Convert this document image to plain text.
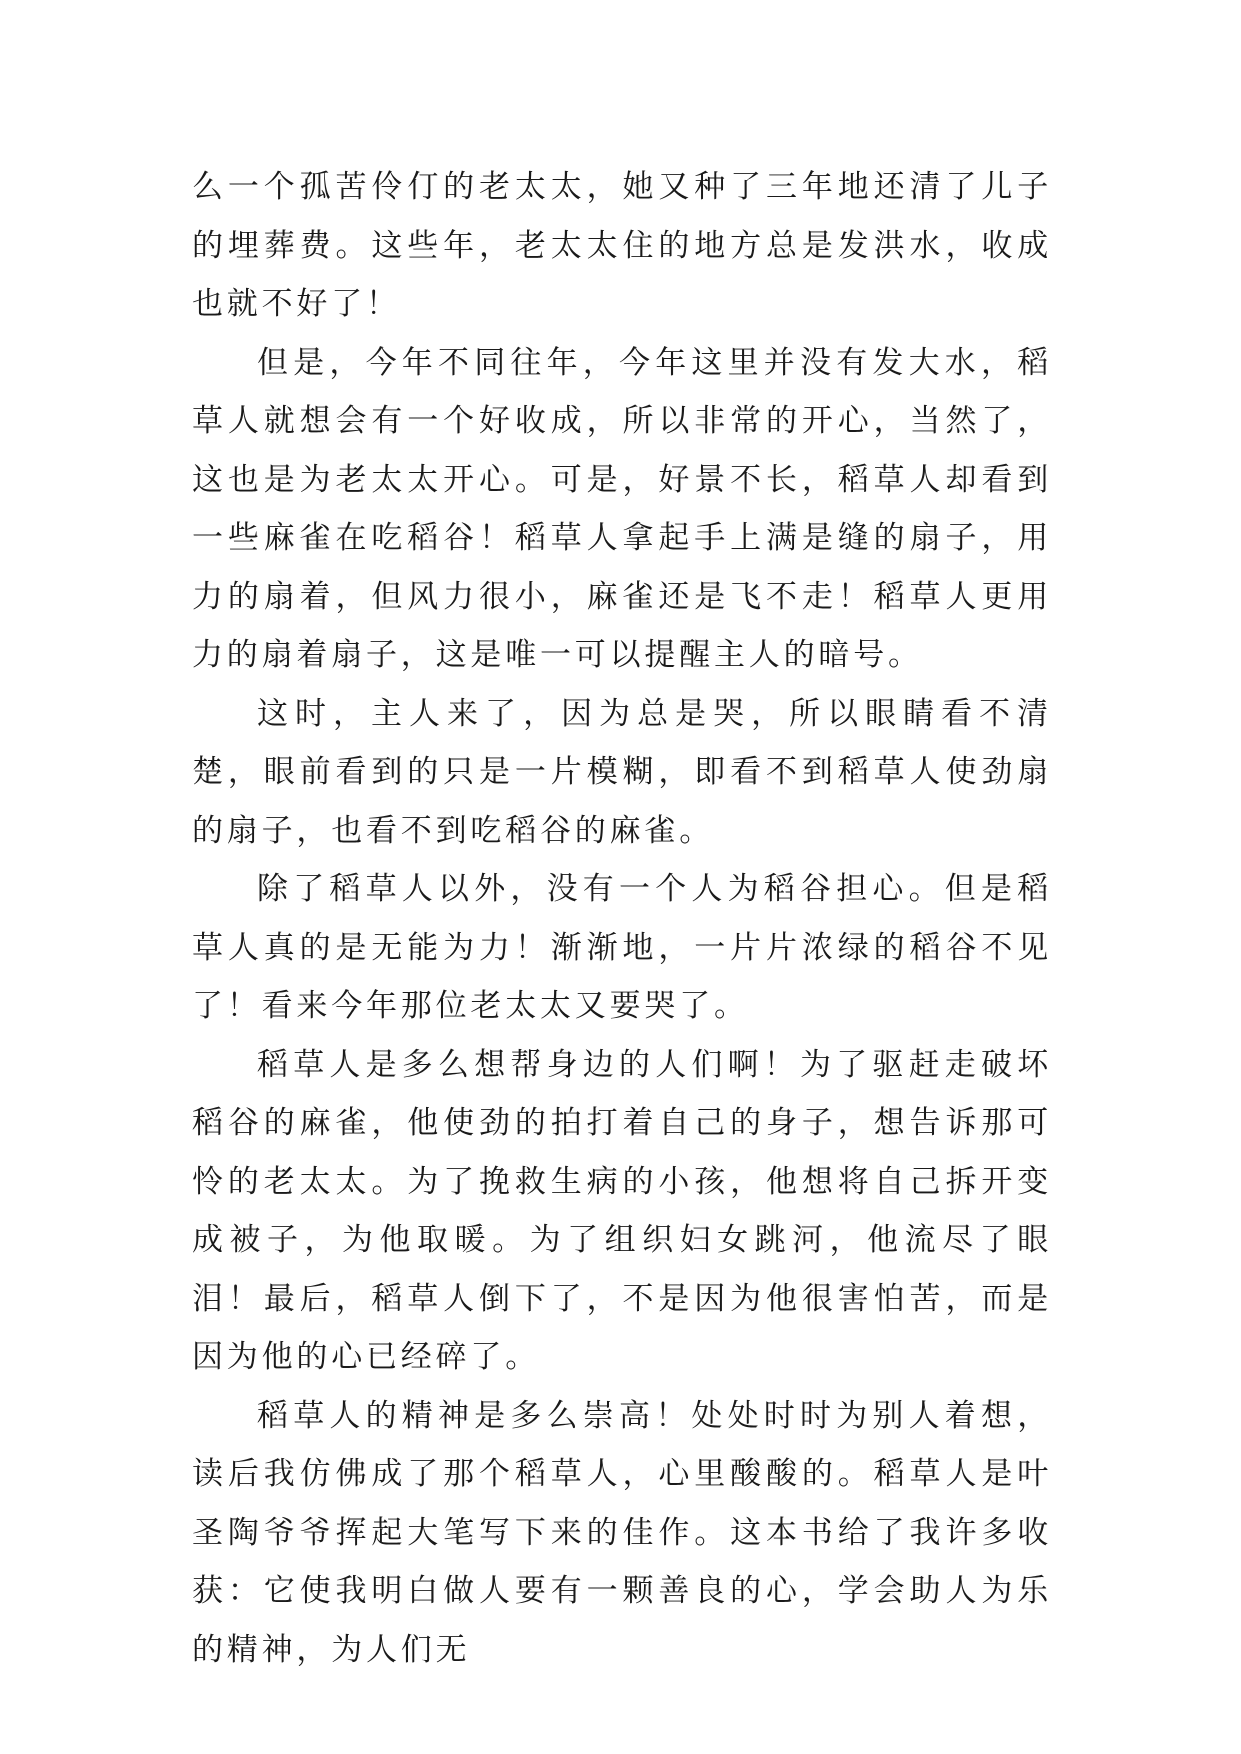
么一个孤苦伶仃的老太太，她又种了三年地还清了儿子的埋葬费。这些年，老太太住的地方总是发洪水，收成也就不好了！

但是，今年不同往年，今年这里并没有发大水，稻草人就想会有一个好收成，所以非常的开心，当然了，这也是为老太太开心。可是，好景不长，稻草人却看到一些麻雀在吃稻谷！稻草人拿起手上满是缝的扇子，用力的扇着，但风力很小，麻雀还是飞不走！稻草人更用力的扇着扇子，这是唯一可以提醒主人的暗号。

这时，主人来了，因为总是哭，所以眼睛看不清楚，眼前看到的只是一片模糊，即看不到稻草人使劲扇的扇子，也看不到吃稻谷的麻雀。

除了稻草人以外，没有一个人为稻谷担心。但是稻草人真的是无能为力！渐渐地，一片片浓绿的稻谷不见了！看来今年那位老太太又要哭了。

稻草人是多么想帮身边的人们啊！为了驱赶走破坏稻谷的麻雀，他使劲的拍打着自己的身子，想告诉那可怜的老太太。为了挽救生病的小孩，他想将自己拆开变成被子，为他取暖。为了组织妇女跳河，他流尽了眼泪！最后，稻草人倒下了，不是因为他很害怕苦，而是因为他的心已经碎了。

稻草人的精神是多么崇高！处处时时为别人着想，读后我仿佛成了那个稻草人，心里酸酸的。稻草人是叶圣陶爷爷挥起大笔写下来的佳作。这本书给了我许多收获：它使我明白做人要有一颗善良的心，学会助人为乐的精神，为人们无
